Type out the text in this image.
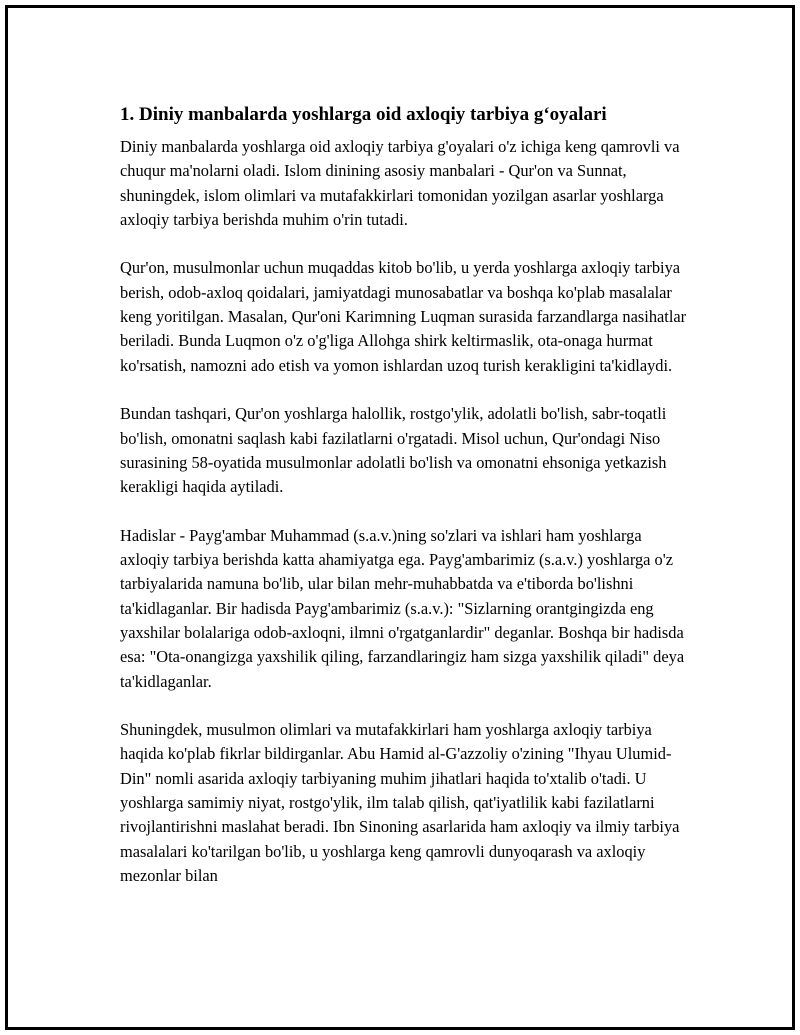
1. Diniy manbalarda yoshlarga oid axloqiy tarbiya g‘oyalari

Diniy manbalarda yoshlarga oid axloqiy tarbiya g'oyalari o'z ichiga keng qamrovli va chuqur ma'nolarni oladi. Islom dinining asosiy manbalari - Qur'on va Sunnat, shuningdek, islom olimlari va mutafakkirlari tomonidan yozilgan asarlar yoshlarga axloqiy tarbiya berishda muhim o'rin tutadi.

Qur'on, musulmonlar uchun muqaddas kitob bo'lib, u yerda yoshlarga axloqiy tarbiya berish, odob-axloq qoidalari, jamiyatdagi munosabatlar va boshqa ko'plab masalalar keng yoritilgan. Masalan, Qur'oni Karimning Luqman surasida farzandlarga nasihatlar beriladi. Bunda Luqmon o'z o'g'liga Allohga shirk keltirmaslik, ota-onaga hurmat ko'rsatish, namozni ado etish va yomon ishlardan uzoq turish kerakligini ta'kidlaydi.

Bundan tashqari, Qur'on yoshlarga halollik, rostgo'ylik, adolatli bo'lish, sabr-toqatli bo'lish, omonatni saqlash kabi fazilatlarni o'rgatadi. Misol uchun, Qur'ondagi Niso surasining 58-oyatida musulmonlar adolatli bo'lish va omonatni ehsoniga yetkazish kerakligi haqida aytiladi.

Hadislar - Payg'ambar Muhammad (s.a.v.)ning so'zlari va ishlari ham yoshlarga axloqiy tarbiya berishda katta ahamiyatga ega. Payg'ambarimiz (s.a.v.) yoshlarga o'z tarbiyalarida namuna bo'lib, ular bilan mehr-muhabbatda va e'tiborda bo'lishni ta'kidlaganlar. Bir hadisda Payg'ambarimiz (s.a.v.): "Sizlarning orantgingizda eng yaxshilar bolalariga odob-axloqni, ilmni o'rgatganlardir" deganlar. Boshqa bir hadisda esa: "Ota-onangizga yaxshilik qiling, farzandlaringiz ham sizga yaxshilik qiladi" deya ta'kidlaganlar.

Shuningdek, musulmon olimlari va mutafakkirlari ham yoshlarga axloqiy tarbiya haqida ko'plab fikrlar bildirganlar. Abu Hamid al-G'azzoliy o'zining "Ihyau Ulumid-Din" nomli asarida axloqiy tarbiyaning muhim jihatlari haqida to'xtalib o'tadi. U yoshlarga samimiy niyat, rostgo'ylik, ilm talab qilish, qat'iyatlilik kabi fazilatlarni rivojlantirishni maslahat beradi. Ibn Sinoning asarlarida ham axloqiy va ilmiy tarbiya masalalari ko'tarilgan bo'lib, u yoshlarga keng qamrovli dunyoqarash va axloqiy mezonlar bilan
